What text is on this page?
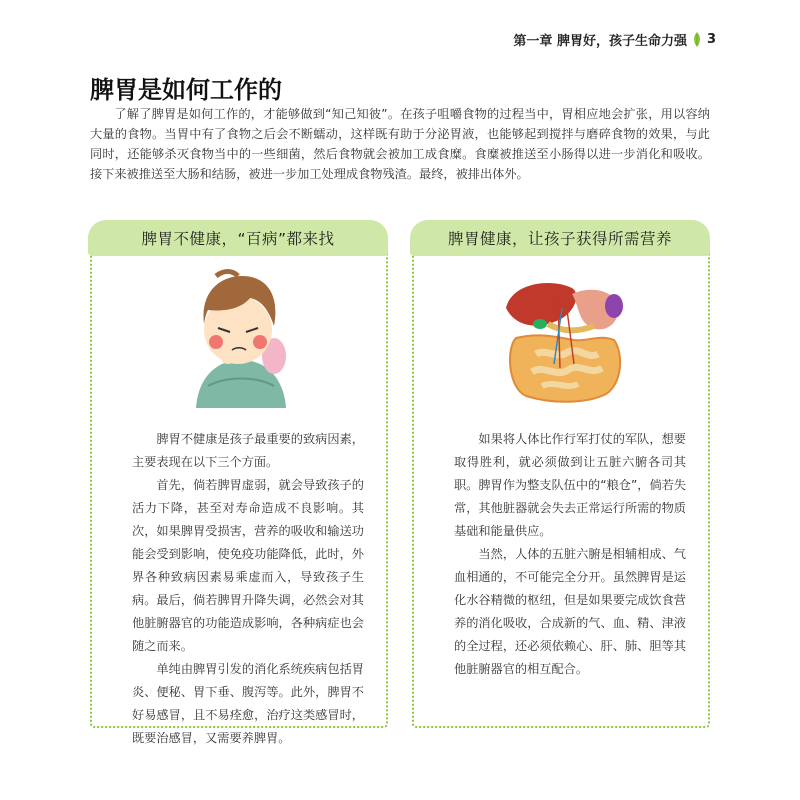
第一章 脾胃好，孩子生命力强 3
脾胃是如何工作的

了解了脾胃是如何工作的，才能够做到“知己知彼”。在孩子咀嚼食物的过程当中，胃相应地会扩张，用以容纳大量的食物。当胃中有了食物之后会不断蠕动，这样既有助于分泌胃液，也能够起到搅拌与磨碎食物的效果，与此同时，还能够杀灭食物当中的一些细菌，然后食物就会被加工成食糜。食糜被推送至小肠得以进一步消化和吸收。接下来被推送至大肠和结肠，被进一步加工处理成食物残渣。最终，被排出体外。

脾胃不健康，“百病”都来找

脾胃不健康是孩子最重要的致病因素，主要表现在以下三个方面。

首先，倘若脾胃虚弱，就会导致孩子的活力下降，甚至对寿命造成不良影响。其次，如果脾胃受损害，营养的吸收和输送功能会受到影响，使免疫功能降低，此时，外界各种致病因素易乘虚而入，导致孩子生病。最后，倘若脾胃升降失调，必然会对其他脏腑器官的功能造成影响，各种病症也会随之而来。

单纯由脾胃引发的消化系统疾病包括胃炎、便秘、胃下垂、腹泻等。此外，脾胃不好易感冒，且不易痊愈，治疗这类感冒时，既要治感冒，又需要养脾胃。

脾胃健康，让孩子获得所需营养

如果将人体比作行军打仗的军队，想要取得胜利，就必须做到让五脏六腑各司其职。脾胃作为整支队伍中的“粮仓”，倘若失常，其他脏器就会失去正常运行所需的物质基础和能量供应。

当然，人体的五脏六腑是相辅相成、气血相通的，不可能完全分开。虽然脾胃是运化水谷精微的枢纽，但是如果要完成饮食营养的消化吸收，合成新的气、血、精、津液的全过程，还必须依赖心、肝、肺、胆等其他脏腑器官的相互配合。
